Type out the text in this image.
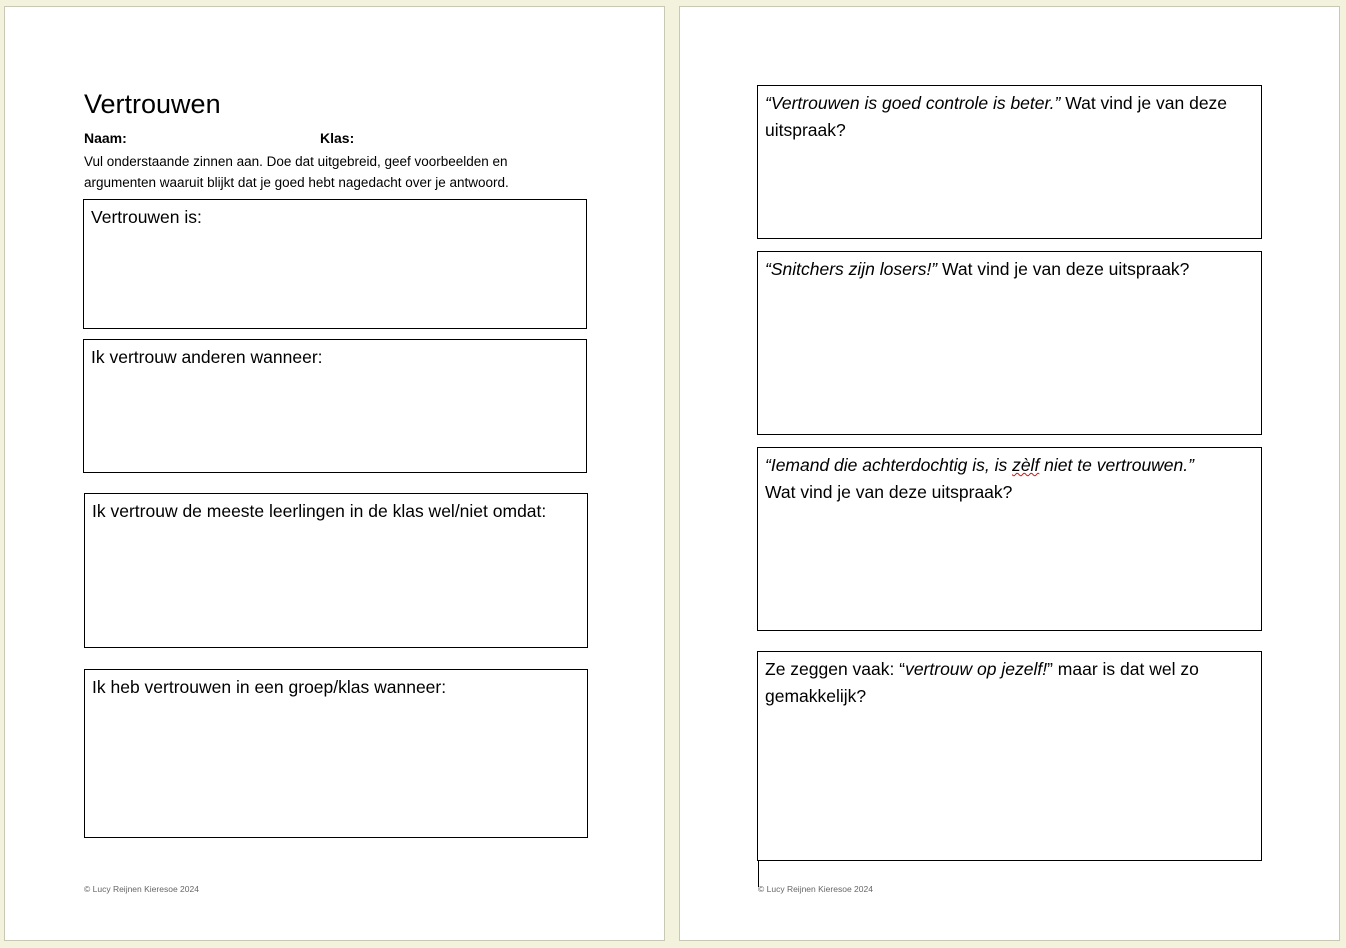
Vertrouwen
Naam:	Klas:
Vul onderstaande zinnen aan. Doe dat uitgebreid, geef voorbeelden en argumenten waaruit blijkt dat je goed hebt nagedacht over je antwoord.
Vertrouwen is:
Ik vertrouw anderen wanneer:
Ik vertrouw de meeste leerlingen in de klas wel/niet omdat:
Ik heb vertrouwen in een groep/klas wanneer:
© Lucy Reijnen Kieresoe 2024
“Vertrouwen is goed controle is beter.” Wat vind je van deze uitspraak?
“Snitchers zijn losers!” Wat vind je van deze uitspraak?
“Iemand die achterdochtig is, is zèlf niet te vertrouwen.”
Wat vind je van deze uitspraak?
Ze zeggen vaak: “vertrouw op jezelf!” maar is dat wel zo gemakkelijk?
© Lucy Reijnen Kieresoe 2024
